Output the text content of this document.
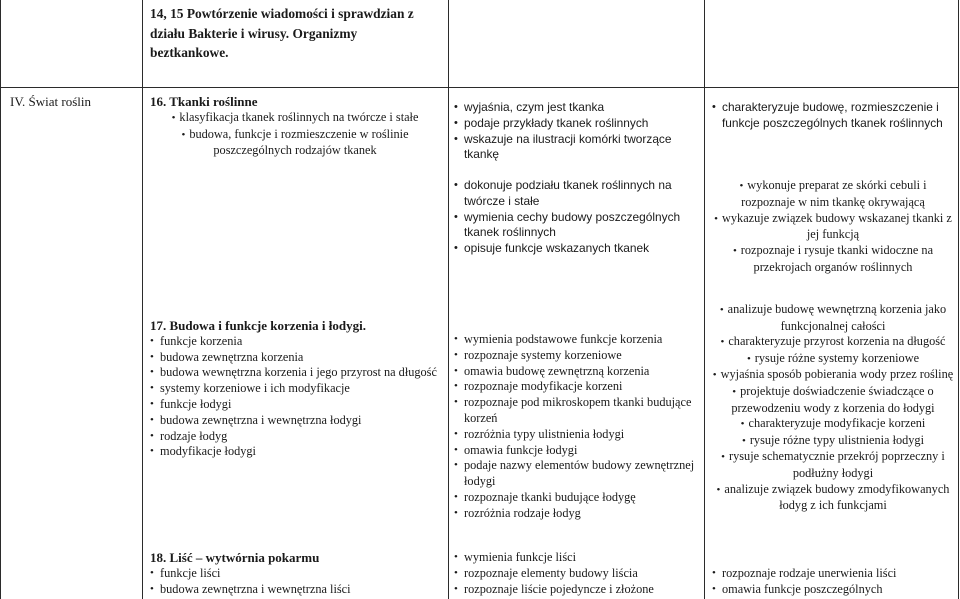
14, 15 Powtórzenie wiadomości i sprawdzian z działu Bakterie i wirusy. Organizmy beztkankowe.
IV. Świat roślin	16. Tkanki roślinne
• klasyfikacja tkanek roślinnych na twórcze i stałe
• budowa, funkcje i rozmieszczenie w roślinie poszczególnych rodzajów tkanek
• wyjaśnia, czym jest tkanka
• podaje przykłady tkanek roślinnych
• wskazuje na ilustracji komórki tworzące tkankę
• dokonuje podziału tkanek roślinnych na twórcze i stałe
• wymienia cechy budowy poszczególnych tkanek roślinnych
• opisuje funkcje wskazanych tkanek
• charakteryzuje budowę, rozmieszczenie i funkcje poszczególnych tkanek roślinnych
• wykonuje preparat ze skórki cebuli i rozpoznaje w nim tkankę okrywającą
• wykazuje związek budowy wskazanej tkanki z jej funkcją
• rozpoznaje i rysuje tkanki widoczne na przekrojach organów roślinnych
17. Budowa i funkcje korzenia i łodygi.
• funkcje korzenia
• budowa zewnętrzna korzenia
• budowa wewnętrzna korzenia i jego przyrost na długość
• systemy korzeniowe i ich modyfikacje
• funkcje łodygi
• budowa zewnętrzna i wewnętrzna łodygi
• rodzaje łodyg
• modyfikacje łodygi
• wymienia podstawowe funkcje korzenia
• rozpoznaje systemy korzeniowe
• omawia budowę zewnętrzną korzenia
• rozpoznaje modyfikacje korzeni
• rozpoznaje pod mikroskopem tkanki budujące korzeń
• rozróżnia typy ulistnienia łodygi
• omawia funkcje łodygi
• podaje nazwy elementów budowy zewnętrznej łodygi
• rozpoznaje tkanki budujące łodygę
• rozróżnia rodzaje łodyg
• analizuje budowę wewnętrzną korzenia jako funkcjonalnej całości
• charakteryzuje przyrost korzenia na długość
• rysuje różne systemy korzeniowe
• wyjaśnia sposób pobierania wody przez roślinę
• projektuje doświadczenie świadczące o przewodzeniu wody z korzenia do łodygi
• charakteryzuje modyfikacje korzeni
• rysuje różne typy ulistnienia łodygi
• rysuje schematycznie przekrój poprzeczny i podłużny łodygi
• analizuje związek budowy zmodyfikowanych łodyg z ich funkcjami
18. Liść – wytwórnia pokarmu
• funkcje liści
• budowa zewnętrzna i wewnętrzna liści
• wymienia funkcje liści
• rozpoznaje elementy budowy liścia
• rozpoznaje liście pojedyncze i złożone
• rozpoznaje rodzaje unerwienia liści
• omawia funkcje poszczególnych
